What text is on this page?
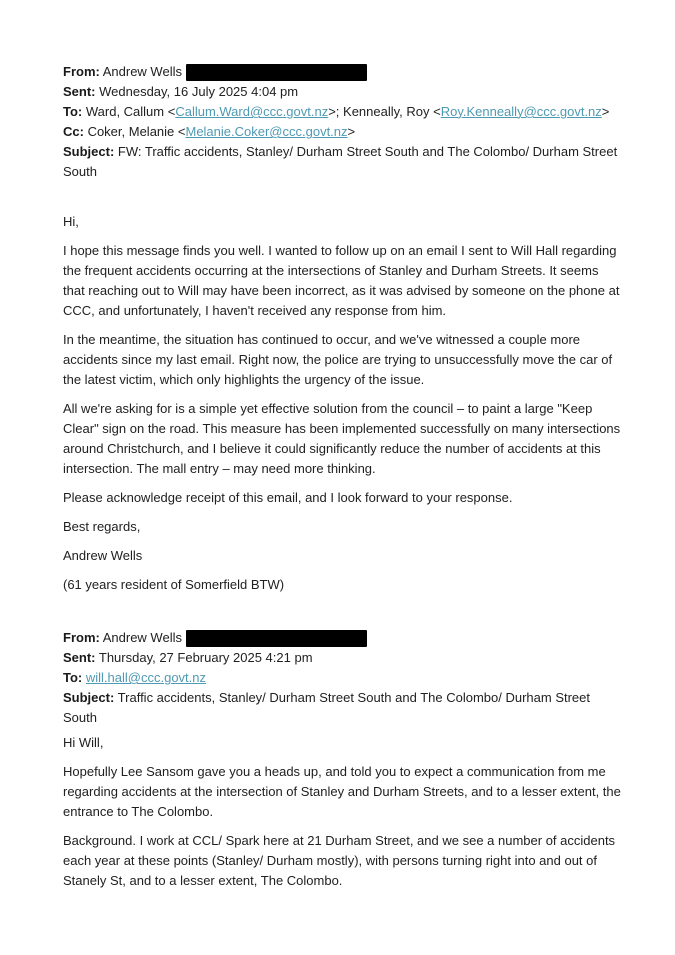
From: Andrew Wells
Sent: Wednesday, 16 July 2025 4:04 pm
To: Ward, Callum <Callum.Ward@ccc.govt.nz>; Kenneally, Roy <Roy.Kenneally@ccc.govt.nz>
Cc: Coker, Melanie <Melanie.Coker@ccc.govt.nz>
Subject: FW: Traffic accidents, Stanley/ Durham Street South and The Colombo/ Durham Street South

Hi,

I hope this message finds you well. I wanted to follow up on an email I sent to Will Hall regarding the frequent accidents occurring at the intersections of Stanley and Durham Streets. It seems that reaching out to Will may have been incorrect, as it was advised by someone on the phone at CCC, and unfortunately, I haven't received any response from him.

In the meantime, the situation has continued to occur, and we've witnessed a couple more accidents since my last email. Right now, the police are trying to unsuccessfully move the car of the latest victim, which only highlights the urgency of the issue.

All we're asking for is a simple yet effective solution from the council – to paint a large "Keep Clear" sign on the road. This measure has been implemented successfully on many intersections around Christchurch, and I believe it could significantly reduce the number of accidents at this intersection. The mall entry – may need more thinking.

Please acknowledge receipt of this email, and I look forward to your response.

Best regards,

Andrew Wells

(61 years resident of Somerfield BTW)

From: Andrew Wells
Sent: Thursday, 27 February 2025 4:21 pm
To: will.hall@ccc.govt.nz
Subject: Traffic accidents, Stanley/ Durham Street South and The Colombo/ Durham Street South

Hi Will,

Hopefully Lee Sansom gave you a heads up, and told you to expect a communication from me regarding accidents at the intersection of Stanley and Durham Streets, and to a lesser extent, the entrance to The Colombo.

Background. I work at CCL/ Spark here at 21 Durham Street, and we see a number of accidents each year at these points (Stanley/ Durham mostly), with persons turning right into and out of Stanely St, and to a lesser extent, The Colombo.
